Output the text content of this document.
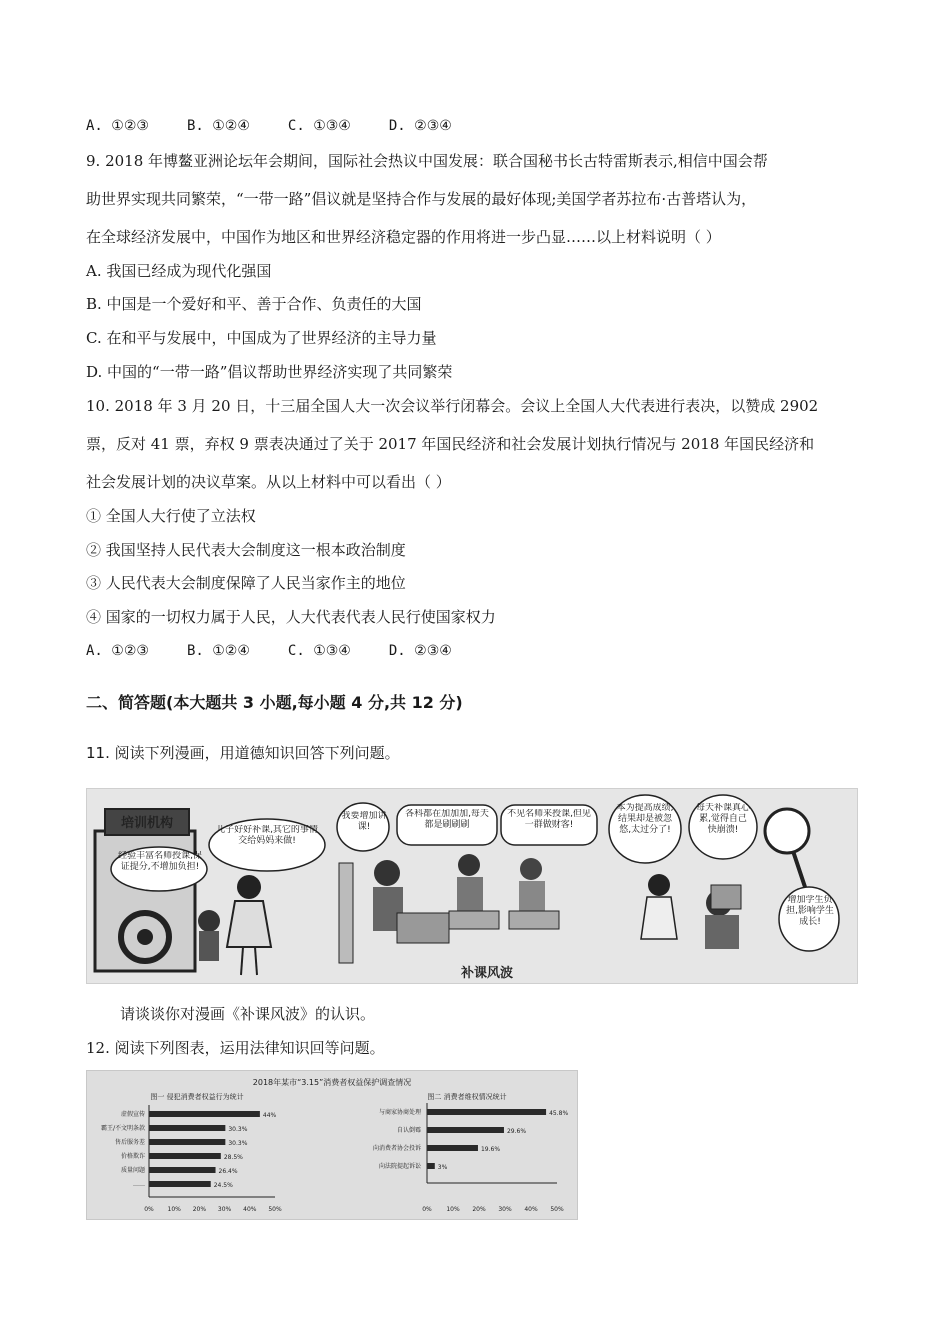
A. ①②③	B. ①②④	C. ①③④	D. ②③④
9. 2018 年博鳌亚洲论坛年会期间，国际社会热议中国发展：联合国秘书长古特雷斯表示,相信中国会帮
助世界实现共同繁荣，“一带一路”倡议就是坚持合作与发展的最好体现;美国学者苏拉布·古普塔认为，
在全球经济发展中，中国作为地区和世界经济稳定器的作用将进一步凸显……以上材料说明（ ）
A. 我国已经成为现代化强国
B. 中国是一个爱好和平、善于合作、负责任的大国
C. 在和平与发展中，中国成为了世界经济的主导力量
D. 中国的“一带一路”倡议帮助世界经济实现了共同繁荣
10. 2018 年 3 月 20 日，十三届全国人大一次会议举行闭幕会。会议上全国人大代表进行表决，以赞成 2902
票，反对 41 票，弃权 9 票表决通过了关于 2017 年国民经济和社会发展计划执行情况与 2018 年国民经济和
社会发展计划的决议草案。从以上材料中可以看出（ ）
① 全国人大行使了立法权
② 我国坚持人民代表大会制度这一根本政治制度
③ 人民代表大会制度保障了人民当家作主的地位
④ 国家的一切权力属于人民，人大代表代表人民行使国家权力
A. ①②③	B. ①②④	C. ①③④	D. ②③④
二、简答题(本大题共 3 小题,每小题 4 分,共 12 分)
11. 阅读下列漫画，用道德知识回答下列问题。
培训机构
经验丰富名师授课,保证提分,不增加负担!
儿子好好补课,其它的事情交给妈妈来做!
我要增加讲课!
各科都在加加加,每天都是刷刷刷
不见名师来授课,但见一群做财客!
补课风波
本为提高成绩,结果却是被忽悠,太过分了!
每天补课真心累,觉得自己快崩溃!
增加学生负担,影响学生成长!
请谈谈你对漫画《补课风波》的认识。
12. 阅读下列图表，运用法律知识回等问题。
2018年某市“3.15”消费者权益保护调查情况
图一 侵犯消费者权益行为统计	图二 消费者维权情况统计
虚假宣传	44%
霸王/不文明条款	30.3%
售后服务差	30.3%
价格欺诈	28.5%
质量问题	26.4%
……	24.5%
0% 10% 20% 30% 40% 50%
与商家协商处理	45.8%
自认倒霉	29.6%
向消费者协会投诉	19.6%
向法院提起诉讼	3%
0% 10% 20% 30% 40% 50%
